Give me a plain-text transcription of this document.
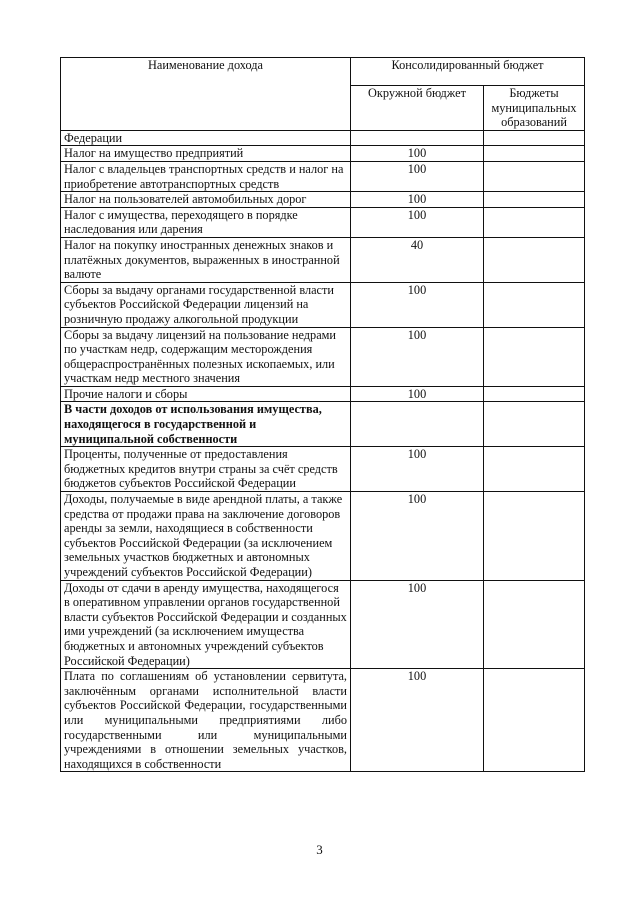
Наименование дохода	Консолидированный бюджет	
	Окружной бюджет	Бюджеты муниципальных образований
Федерации		
Налог на имущество предприятий	100	
Налог с владельцев транспортных средств и налог на приобретение автотранспортных средств	100	
Налог на пользователей автомобильных дорог	100	
Налог с имущества, переходящего в порядке наследования или дарения	100	
Налог на покупку иностранных денежных знаков и платёжных документов, выраженных в иностранной валюте	40	
Сборы за выдачу органами государственной власти субъектов Российской Федерации лицензий на розничную продажу алкогольной продукции	100	
Сборы за выдачу лицензий на пользование недрами по участкам недр, содержащим месторождения общераспространённых полезных ископаемых, или участкам недр местного значения	100	
Прочие налоги и сборы	100	
В части доходов от использования имущества, находящегося в государственной и муниципальной собственности		
Проценты, полученные от предоставления бюджетных кредитов внутри страны за счёт средств бюджетов субъектов Российской Федерации	100	
Доходы, получаемые в виде арендной платы, а также средства от продажи права на заключение договоров аренды за земли, находящиеся в собственности субъектов Российской Федерации (за исключением земельных участков бюджетных и автономных учреждений субъектов Российской Федерации)	100	
Доходы от сдачи в аренду имущества, находящегося в оперативном управлении органов государственной власти субъектов Российской Федерации и созданных ими учреждений (за исключением имущества бюджетных и автономных учреждений субъектов Российской Федерации)	100	
Плата по соглашениям об установлении сервитута, заключённым органами исполнительной власти субъектов Российской Федерации, государственными или муниципальными предприятиями либо государственными или муниципальными учреждениями в отношении земельных участков, находящихся в собственности	100	
3
